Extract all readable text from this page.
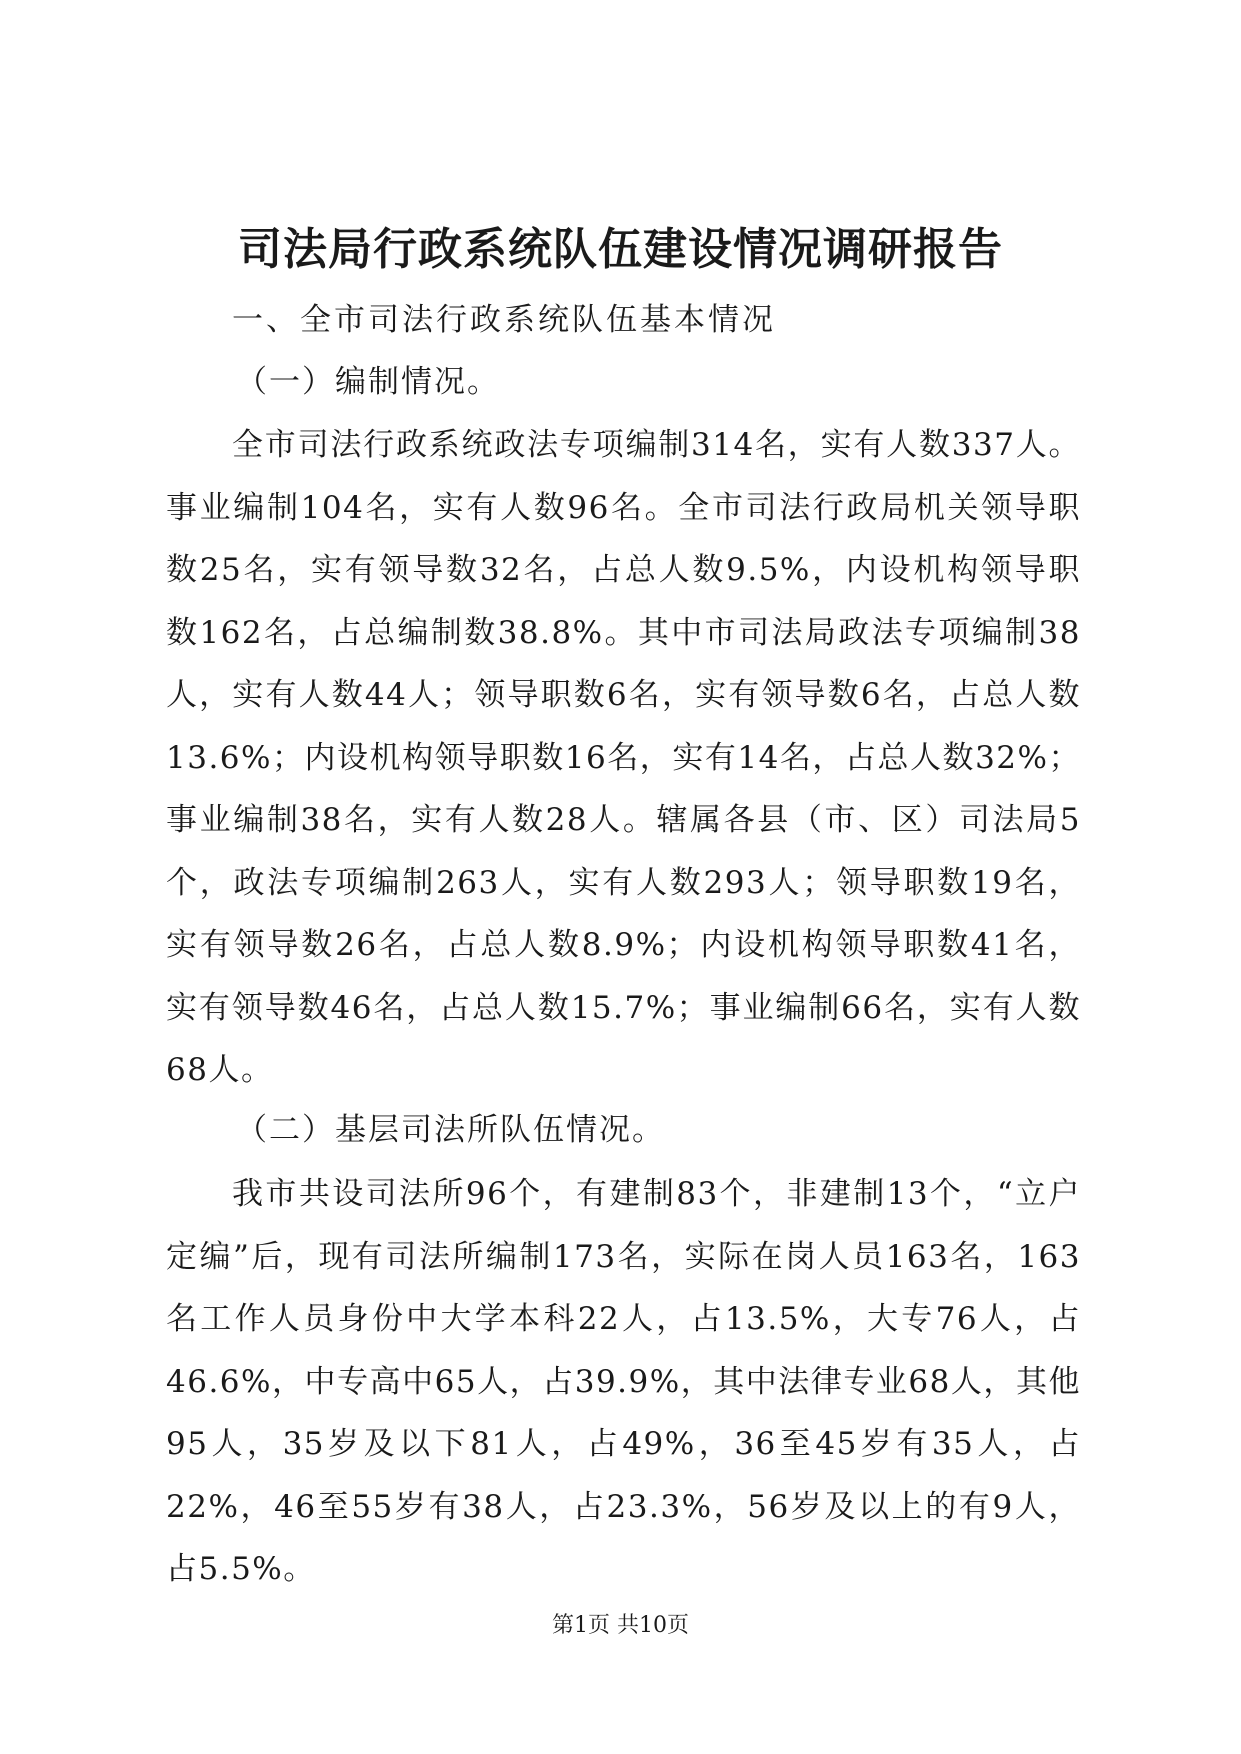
司法局行政系统队伍建设情况调研报告
一、全市司法行政系统队伍基本情况
（一）编制情况。
全市司法行政系统政法专项编制314名，实有人数337人。事业编制104名，实有人数96名。全市司法行政局机关领导职数25名，实有领导数32名，占总人数9.5%，内设机构领导职数162名，占总编制数38.8%。其中市司法局政法专项编制38人，实有人数44人；领导职数6名，实有领导数6名，占总人数13.6%；内设机构领导职数16名，实有14名，占总人数32%；事业编制38名，实有人数28人。辖属各县（市、区）司法局5个，政法专项编制263人，实有人数293人；领导职数19名，实有领导数26名，占总人数8.9%；内设机构领导职数41名，实有领导数46名，占总人数15.7%；事业编制66名，实有人数68人。
（二）基层司法所队伍情况。
我市共设司法所96个，有建制83个，非建制13个，“立户定编”后，现有司法所编制173名，实际在岗人员163名，163名工作人员身份中大学本科22人，占13.5%，大专76人，占46.6%，中专高中65人，占39.9%，其中法律专业68人，其他95人，35岁及以下81人，占49%，36至45岁有35人，占22%，46至55岁有38人，占23.3%，56岁及以上的有9人，占5.5%。
第1页 共10页
